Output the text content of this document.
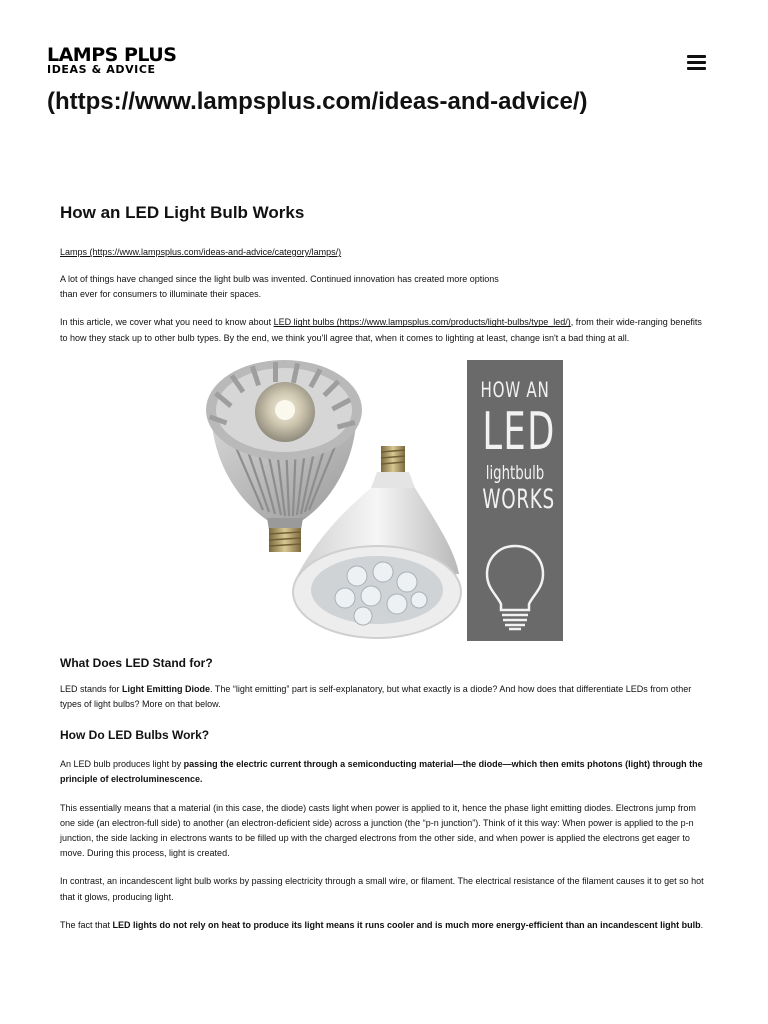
LAMPS PLUS
IDEAS & ADVICE
(https://www.lampsplus.com/ideas-and-advice/)
How an LED Light Bulb Works
Lamps (https://www.lampsplus.com/ideas-and-advice/category/lamps/)

A lot of things have changed since the light bulb was invented. Continued innovation has created more options than ever for consumers to illuminate their spaces.

In this article, we cover what you need to know about LED light bulbs (https://www.lampsplus.com/products/light-bulbs/type_led/), from their wide-ranging benefits to how they stack up to other bulb types. By the end, we think you'll agree that, when it comes to lighting at least, change isn't a bad thing at all.

HOW AN
LED
lightbulb
WORKS
What Does LED Stand for?

LED stands for Light Emitting Diode. The “light emitting” part is self-explanatory, but what exactly is a diode? And how does that differentiate LEDs from other types of light bulbs? More on that below.

How Do LED Bulbs Work?

An LED bulb produces light by passing the electric current through a semiconducting material—the diode—which then emits photons (light) through the principle of electroluminescence.

This essentially means that a material (in this case, the diode) casts light when power is applied to it, hence the phase light emitting diodes. Electrons jump from one side (an electron-full side) to another (an electron-deficient side) across a junction (the “p-n junction”). Think of it this way: When power is applied to the p-n junction, the side lacking in electrons wants to be filled up with the charged electrons from the other side, and when power is applied the electrons get eager to move. During this process, light is created.

In contrast, an incandescent light bulb works by passing electricity through a small wire, or filament. The electrical resistance of the filament causes it to get so hot that it glows, producing light.

The fact that LED lights do not rely on heat to produce its light means it runs cooler and is much more energy-efficient than an incandescent light bulb.
